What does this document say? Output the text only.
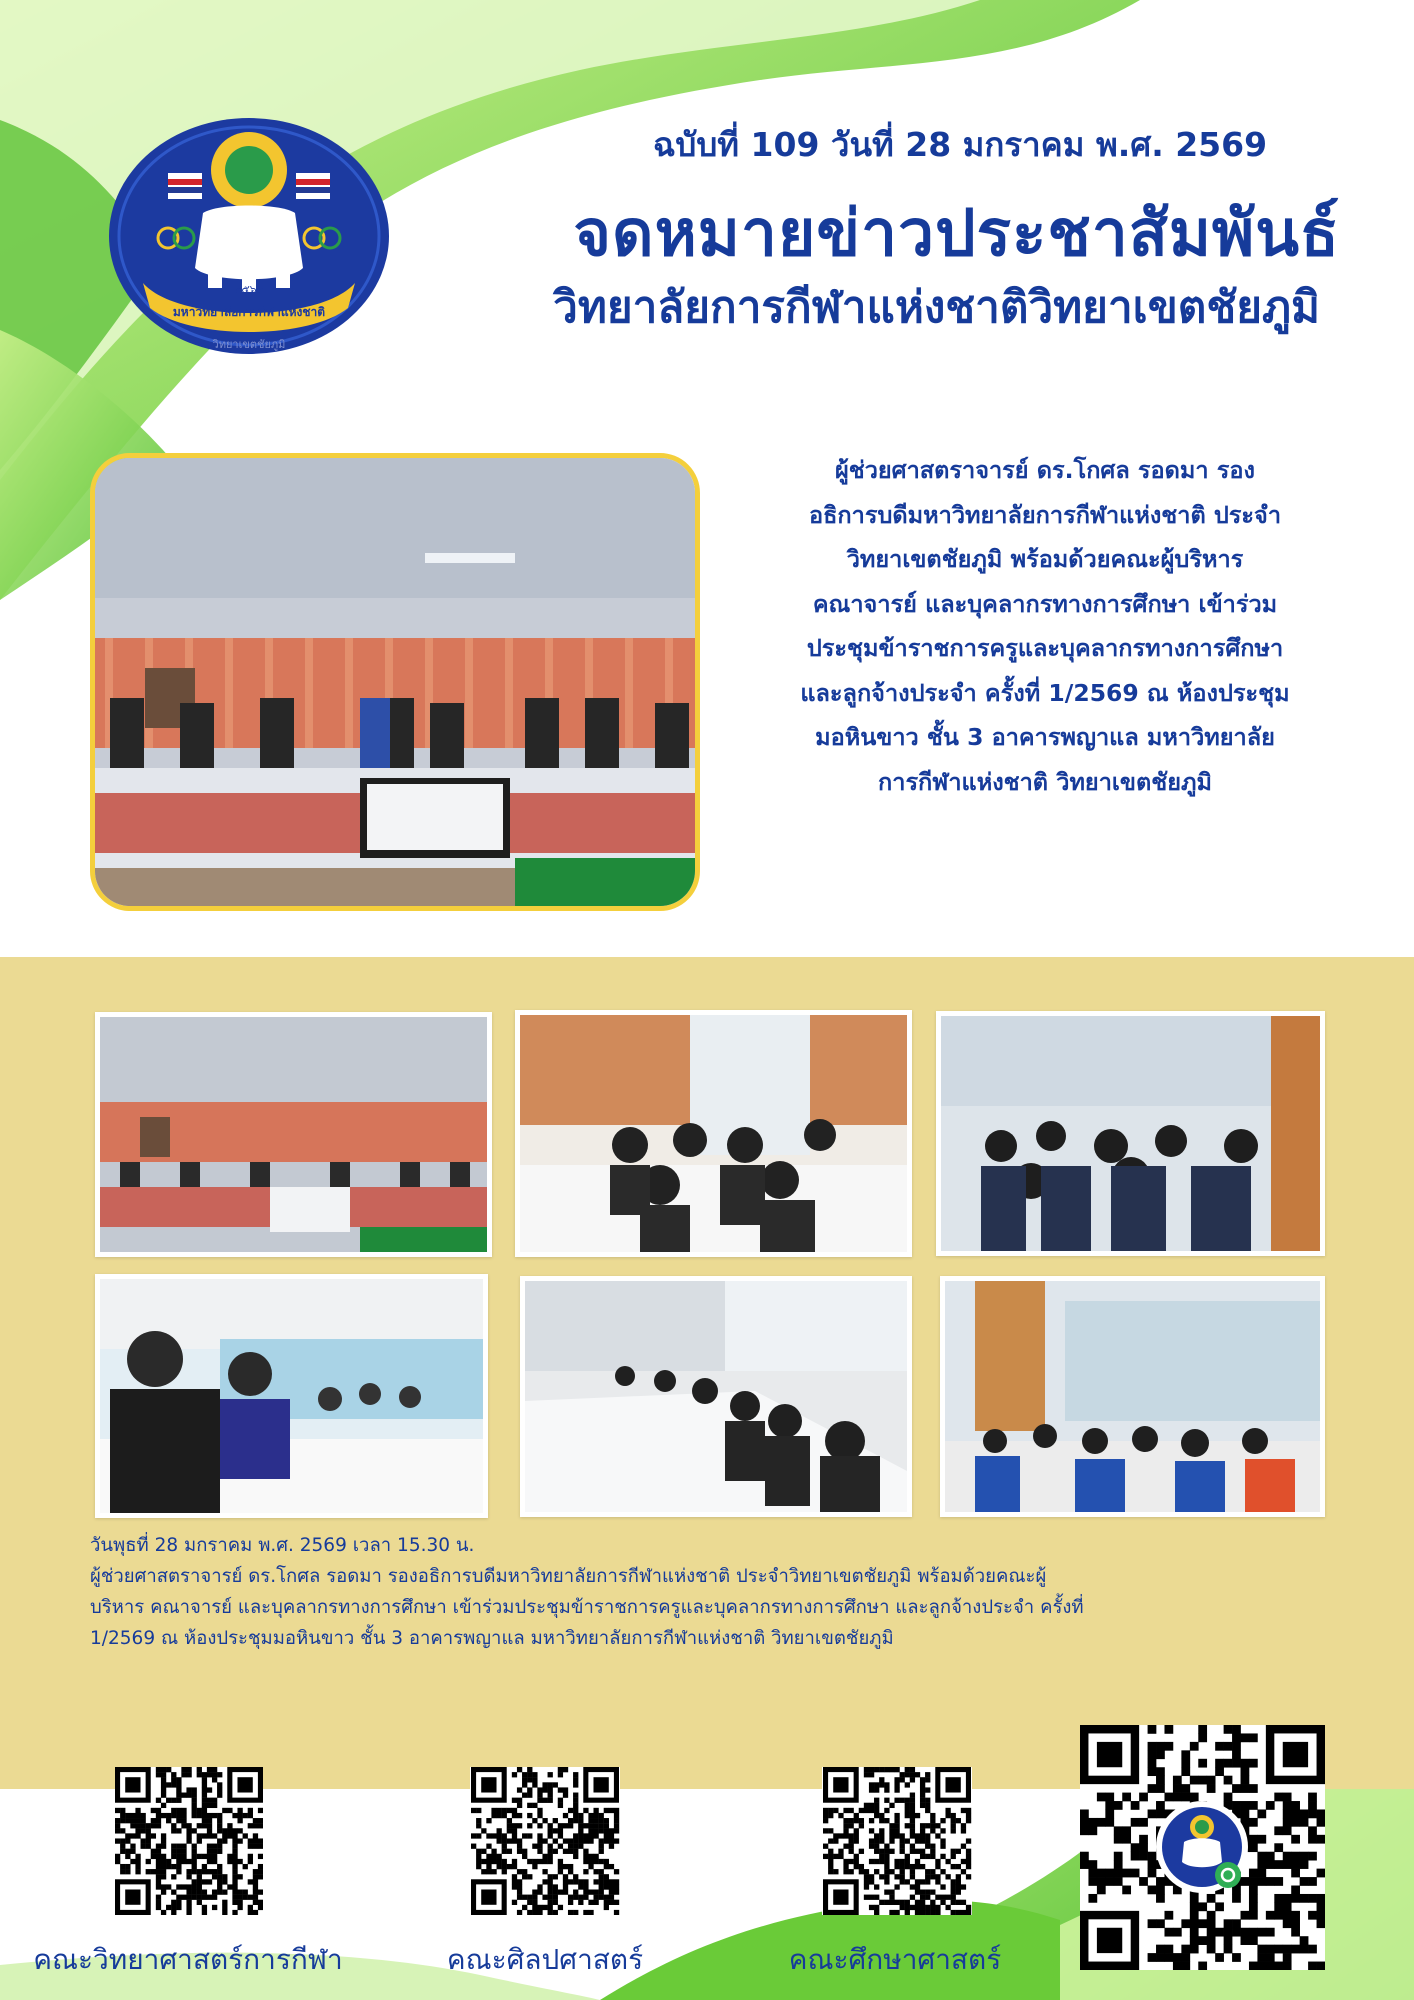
มหาวิทยาลัยการกีฬาแห่งชาติ
๒๕๖๒
วิทยาเขตชัยภูมิ
ฉบับที่ 109 วันที่ 28 มกราคม พ.ศ. 2569
จดหมายข่าวประชาสัมพันธ์
วิทยาลัยการกีฬาแห่งชาติวิทยาเขตชัยภูมิ
ผู้ช่วยศาสตราจารย์ ดร.โกศล รอดมา รอง
อธิการบดีมหาวิทยาลัยการกีฬาแห่งชาติ ประจำ
วิทยาเขตชัยภูมิ พร้อมด้วยคณะผู้บริหาร
คณาจารย์ และบุคลากรทางการศึกษา เข้าร่วม
ประชุมข้าราชการครูและบุคลากรทางการศึกษา
และลูกจ้างประจำ ครั้งที่ 1/2569 ณ ห้องประชุม
มอหินขาว ชั้น 3 อาคารพญาแล มหาวิทยาลัย
การกีฬาแห่งชาติ วิทยาเขตชัยภูมิ
วันพุธที่ 28 มกราคม พ.ศ. 2569 เวลา 15.30 น.
ผู้ช่วยศาสตราจารย์ ดร.โกศล รอดมา รองอธิการบดีมหาวิทยาลัยการกีฬาแห่งชาติ ประจำวิทยาเขตชัยภูมิ พร้อมด้วยคณะผู้
บริหาร คณาจารย์ และบุคลากรทางการศึกษา เข้าร่วมประชุมข้าราชการครูและบุคลากรทางการศึกษา และลูกจ้างประจำ ครั้งที่
1/2569 ณ ห้องประชุมมอหินขาว ชั้น 3 อาคารพญาแล มหาวิทยาลัยการกีฬาแห่งชาติ วิทยาเขตชัยภูมิ
คณะวิทยาศาสตร์การกีฬา	คณะศิลปศาสตร์	คณะศึกษาศาสตร์
